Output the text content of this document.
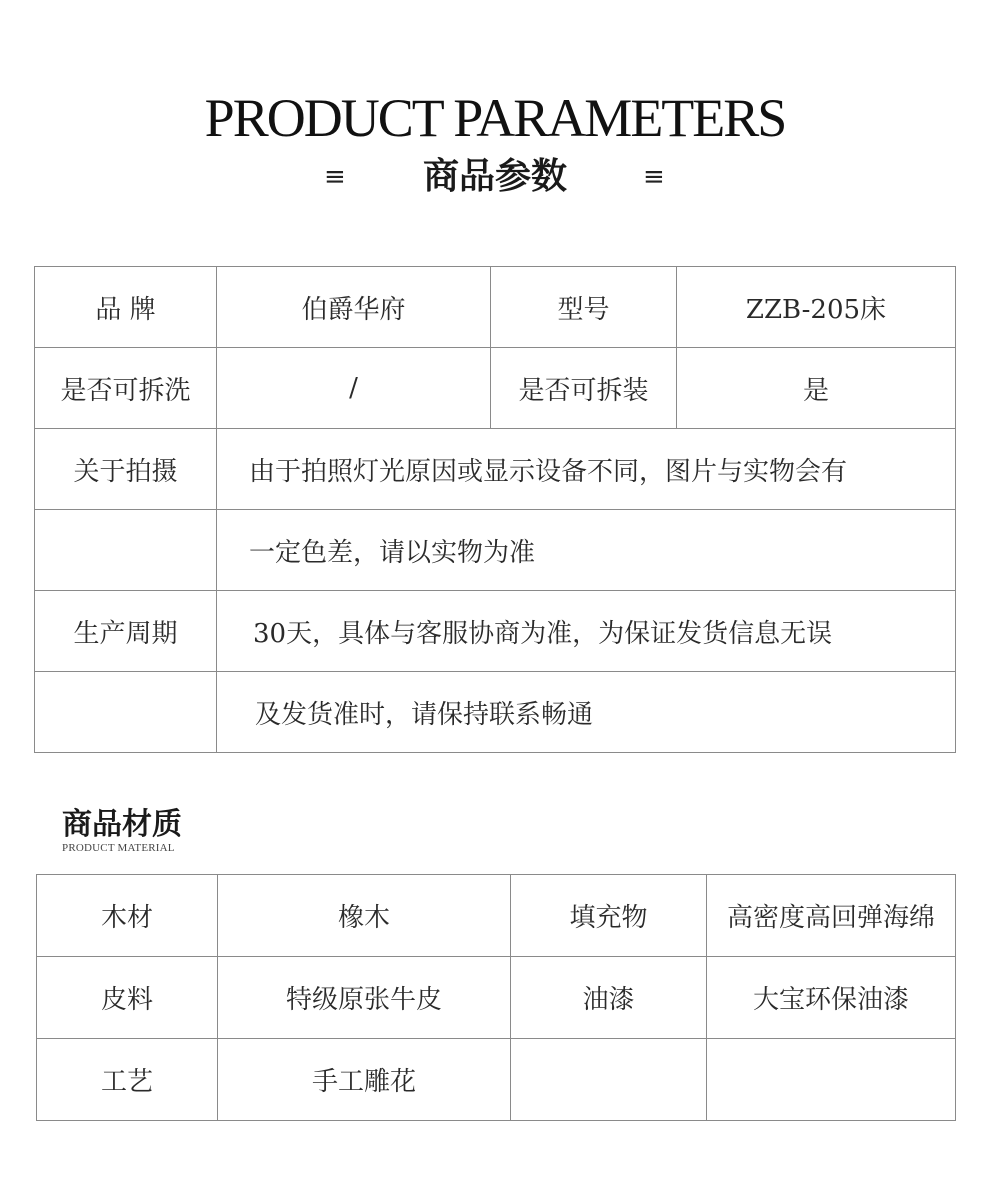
PRODUCT PARAMETERS
≡	商品参数	≡
品 牌	伯爵华府	型号	ZZB-205床
是否可拆洗	/	是否可拆装	是
关于拍摄	由于拍照灯光原因或显示设备不同，图片与实物会有		
	一定色差，请以实物为准		
生产周期	30天，具体与客服协商为准，为保证发货信息无误		
	及发货准时，请保持联系畅通		
商品材质
PRODUCT MATERIAL
木材	橡木	填充物	高密度高回弹海绵
皮料	特级原张牛皮	油漆	大宝环保油漆
工艺	手工雕花		
